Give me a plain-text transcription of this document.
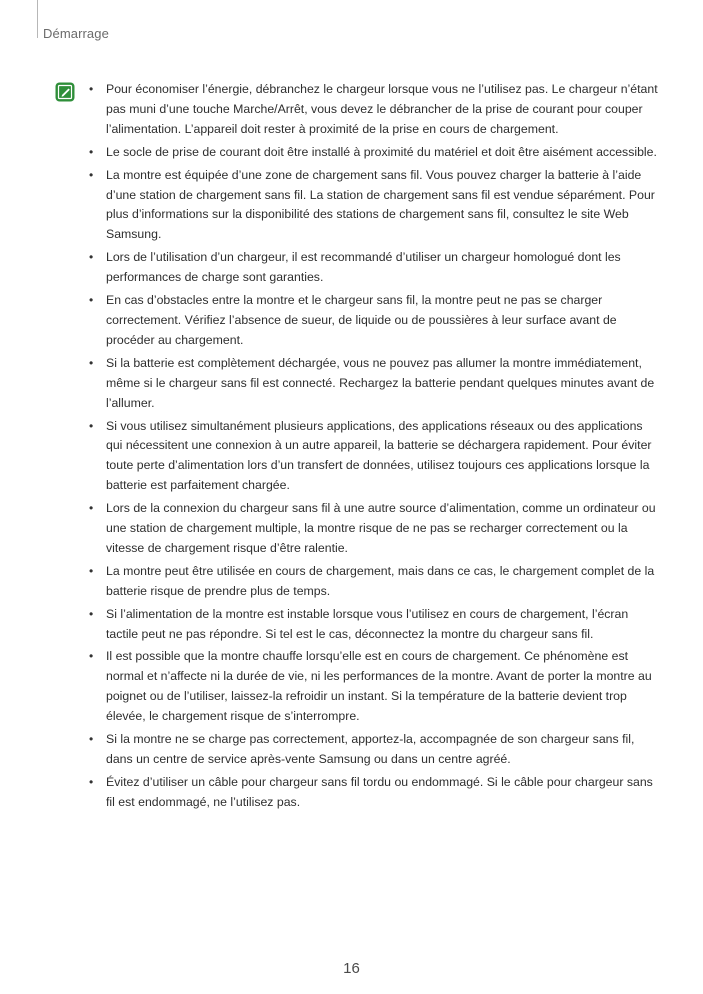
Démarrage
• Pour économiser l’énergie, débranchez le chargeur lorsque vous ne l’utilisez pas. Le chargeur n’étant pas muni d’une touche Marche/Arrêt, vous devez le débrancher de la prise de courant pour couper l’alimentation. L’appareil doit rester à proximité de la prise en cours de chargement.
• Le socle de prise de courant doit être installé à proximité du matériel et doit être aisément accessible.
• La montre est équipée d’une zone de chargement sans fil. Vous pouvez charger la batterie à l’aide d’une station de chargement sans fil. La station de chargement sans fil est vendue séparément. Pour plus d’informations sur la disponibilité des stations de chargement sans fil, consultez le site Web Samsung.
• Lors de l’utilisation d’un chargeur, il est recommandé d’utiliser un chargeur homologué dont les performances de charge sont garanties.
• En cas d’obstacles entre la montre et le chargeur sans fil, la montre peut ne pas se charger correctement. Vérifiez l’absence de sueur, de liquide ou de poussières à leur surface avant de procéder au chargement.
• Si la batterie est complètement déchargée, vous ne pouvez pas allumer la montre immédiatement, même si le chargeur sans fil est connecté. Rechargez la batterie pendant quelques minutes avant de l’allumer.
• Si vous utilisez simultanément plusieurs applications, des applications réseaux ou des applications qui nécessitent une connexion à un autre appareil, la batterie se déchargera rapidement. Pour éviter toute perte d’alimentation lors d’un transfert de données, utilisez toujours ces applications lorsque la batterie est parfaitement chargée.
• Lors de la connexion du chargeur sans fil à une autre source d’alimentation, comme un ordinateur ou une station de chargement multiple, la montre risque de ne pas se recharger correctement ou la vitesse de chargement risque d’être ralentie.
• La montre peut être utilisée en cours de chargement, mais dans ce cas, le chargement complet de la batterie risque de prendre plus de temps.
• Si l’alimentation de la montre est instable lorsque vous l’utilisez en cours de chargement, l’écran tactile peut ne pas répondre. Si tel est le cas, déconnectez la montre du chargeur sans fil.
• Il est possible que la montre chauffe lorsqu’elle est en cours de chargement. Ce phénomène est normal et n’affecte ni la durée de vie, ni les performances de la montre. Avant de porter la montre au poignet ou de l’utiliser, laissez-la refroidir un instant. Si la température de la batterie devient trop élevée, le chargement risque de s’interrompre.
• Si la montre ne se charge pas correctement, apportez-la, accompagnée de son chargeur sans fil, dans un centre de service après-vente Samsung ou dans un centre agréé.
• Évitez d’utiliser un câble pour chargeur sans fil tordu ou endommagé. Si le câble pour chargeur sans fil est endommagé, ne l’utilisez pas.
16
